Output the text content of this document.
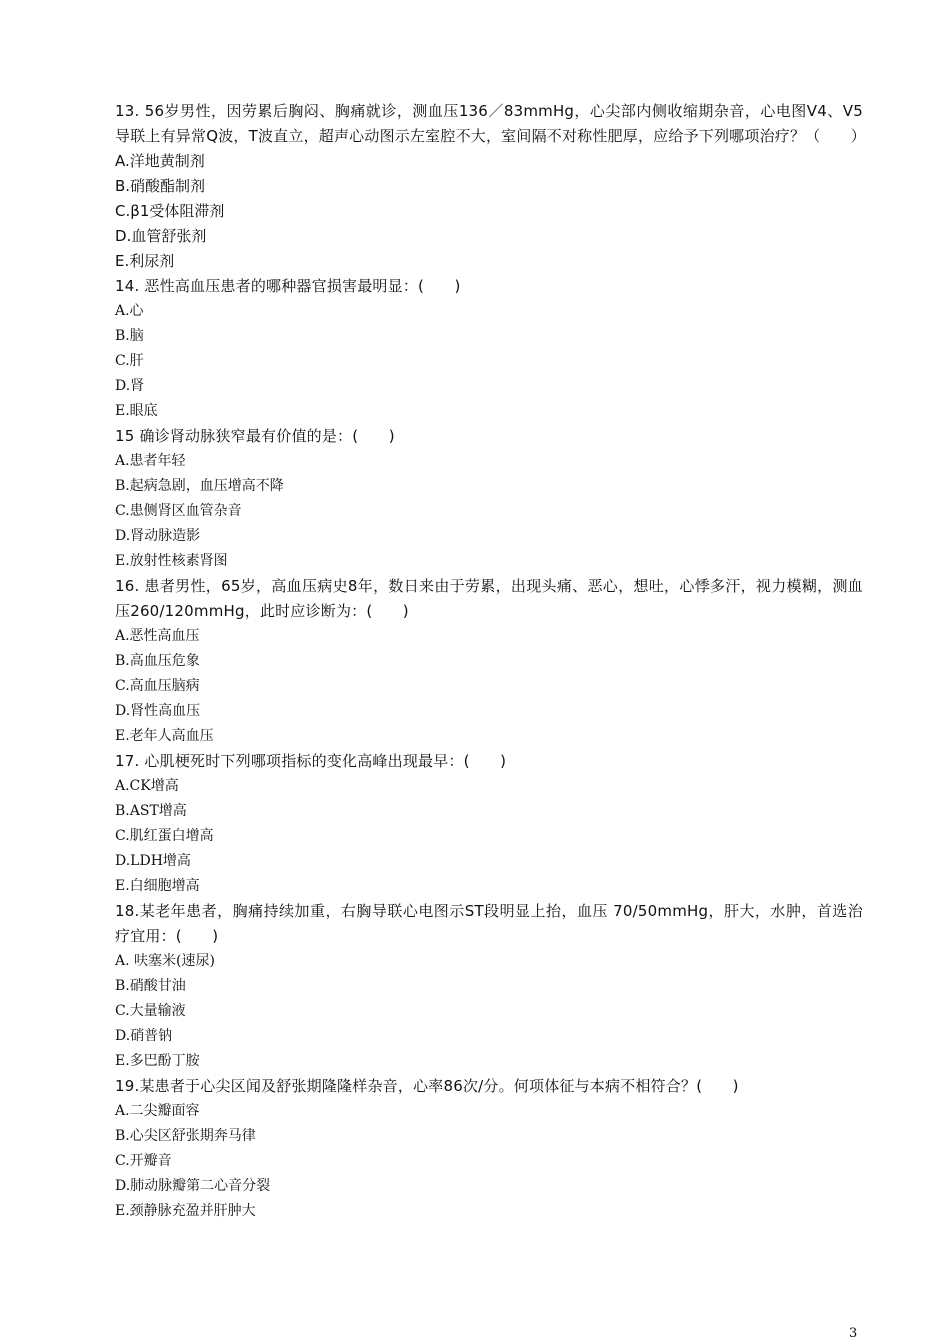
13. 56岁男性，因劳累后胸闷、胸痛就诊，测血压136／83mmHg，心尖部内侧收缩期杂音，心电图V4、V5导联上有异常Q波，T波直立，超声心动图示左室腔不大，室间隔不对称性肥厚，应给予下列哪项治疗？（　　）
A.洋地黄制剂
B.硝酸酯制剂
C.β1受体阻滞剂
D.血管舒张剂
E.利尿剂
14. 恶性高血压患者的哪种器官损害最明显：(　　)
A.心
B.脑
C.肝
D.肾
E.眼底
15 确诊肾动脉狭窄最有价值的是：(　　)
A.患者年轻
B.起病急剧，血压增高不降
C.患侧肾区血管杂音
D.肾动脉造影
E.放射性核素肾图
16. 患者男性，65岁，高血压病史8年，数日来由于劳累，出现头痛、恶心，想吐，心悸多汗，视力模糊，测血压260/120mmHg，此时应诊断为：(　　)
A.恶性高血压
B.高血压危象
C.高血压脑病
D.肾性高血压
E.老年人高血压
17. 心肌梗死时下列哪项指标的变化高峰出现最早：(　　)
A.CK增高
B.AST增高
C.肌红蛋白增高
D.LDH增高
E.白细胞增高
18.某老年患者，胸痛持续加重，右胸导联心电图示ST段明显上抬，血压 70/50mmHg，肝大，水肿，首选治疗宜用：(　　)
A. 呋塞米(速尿)
B.硝酸甘油
C.大量输液
D.硝普钠
E.多巴酚丁胺
19.某患者于心尖区闻及舒张期隆隆样杂音，心率86次/分。何项体征与本病不相符合？(　　)
A.二尖瓣面容
B.心尖区舒张期奔马律
C.开瓣音
D.肺动脉瓣第二心音分裂
E.颈静脉充盈并肝肿大
3
